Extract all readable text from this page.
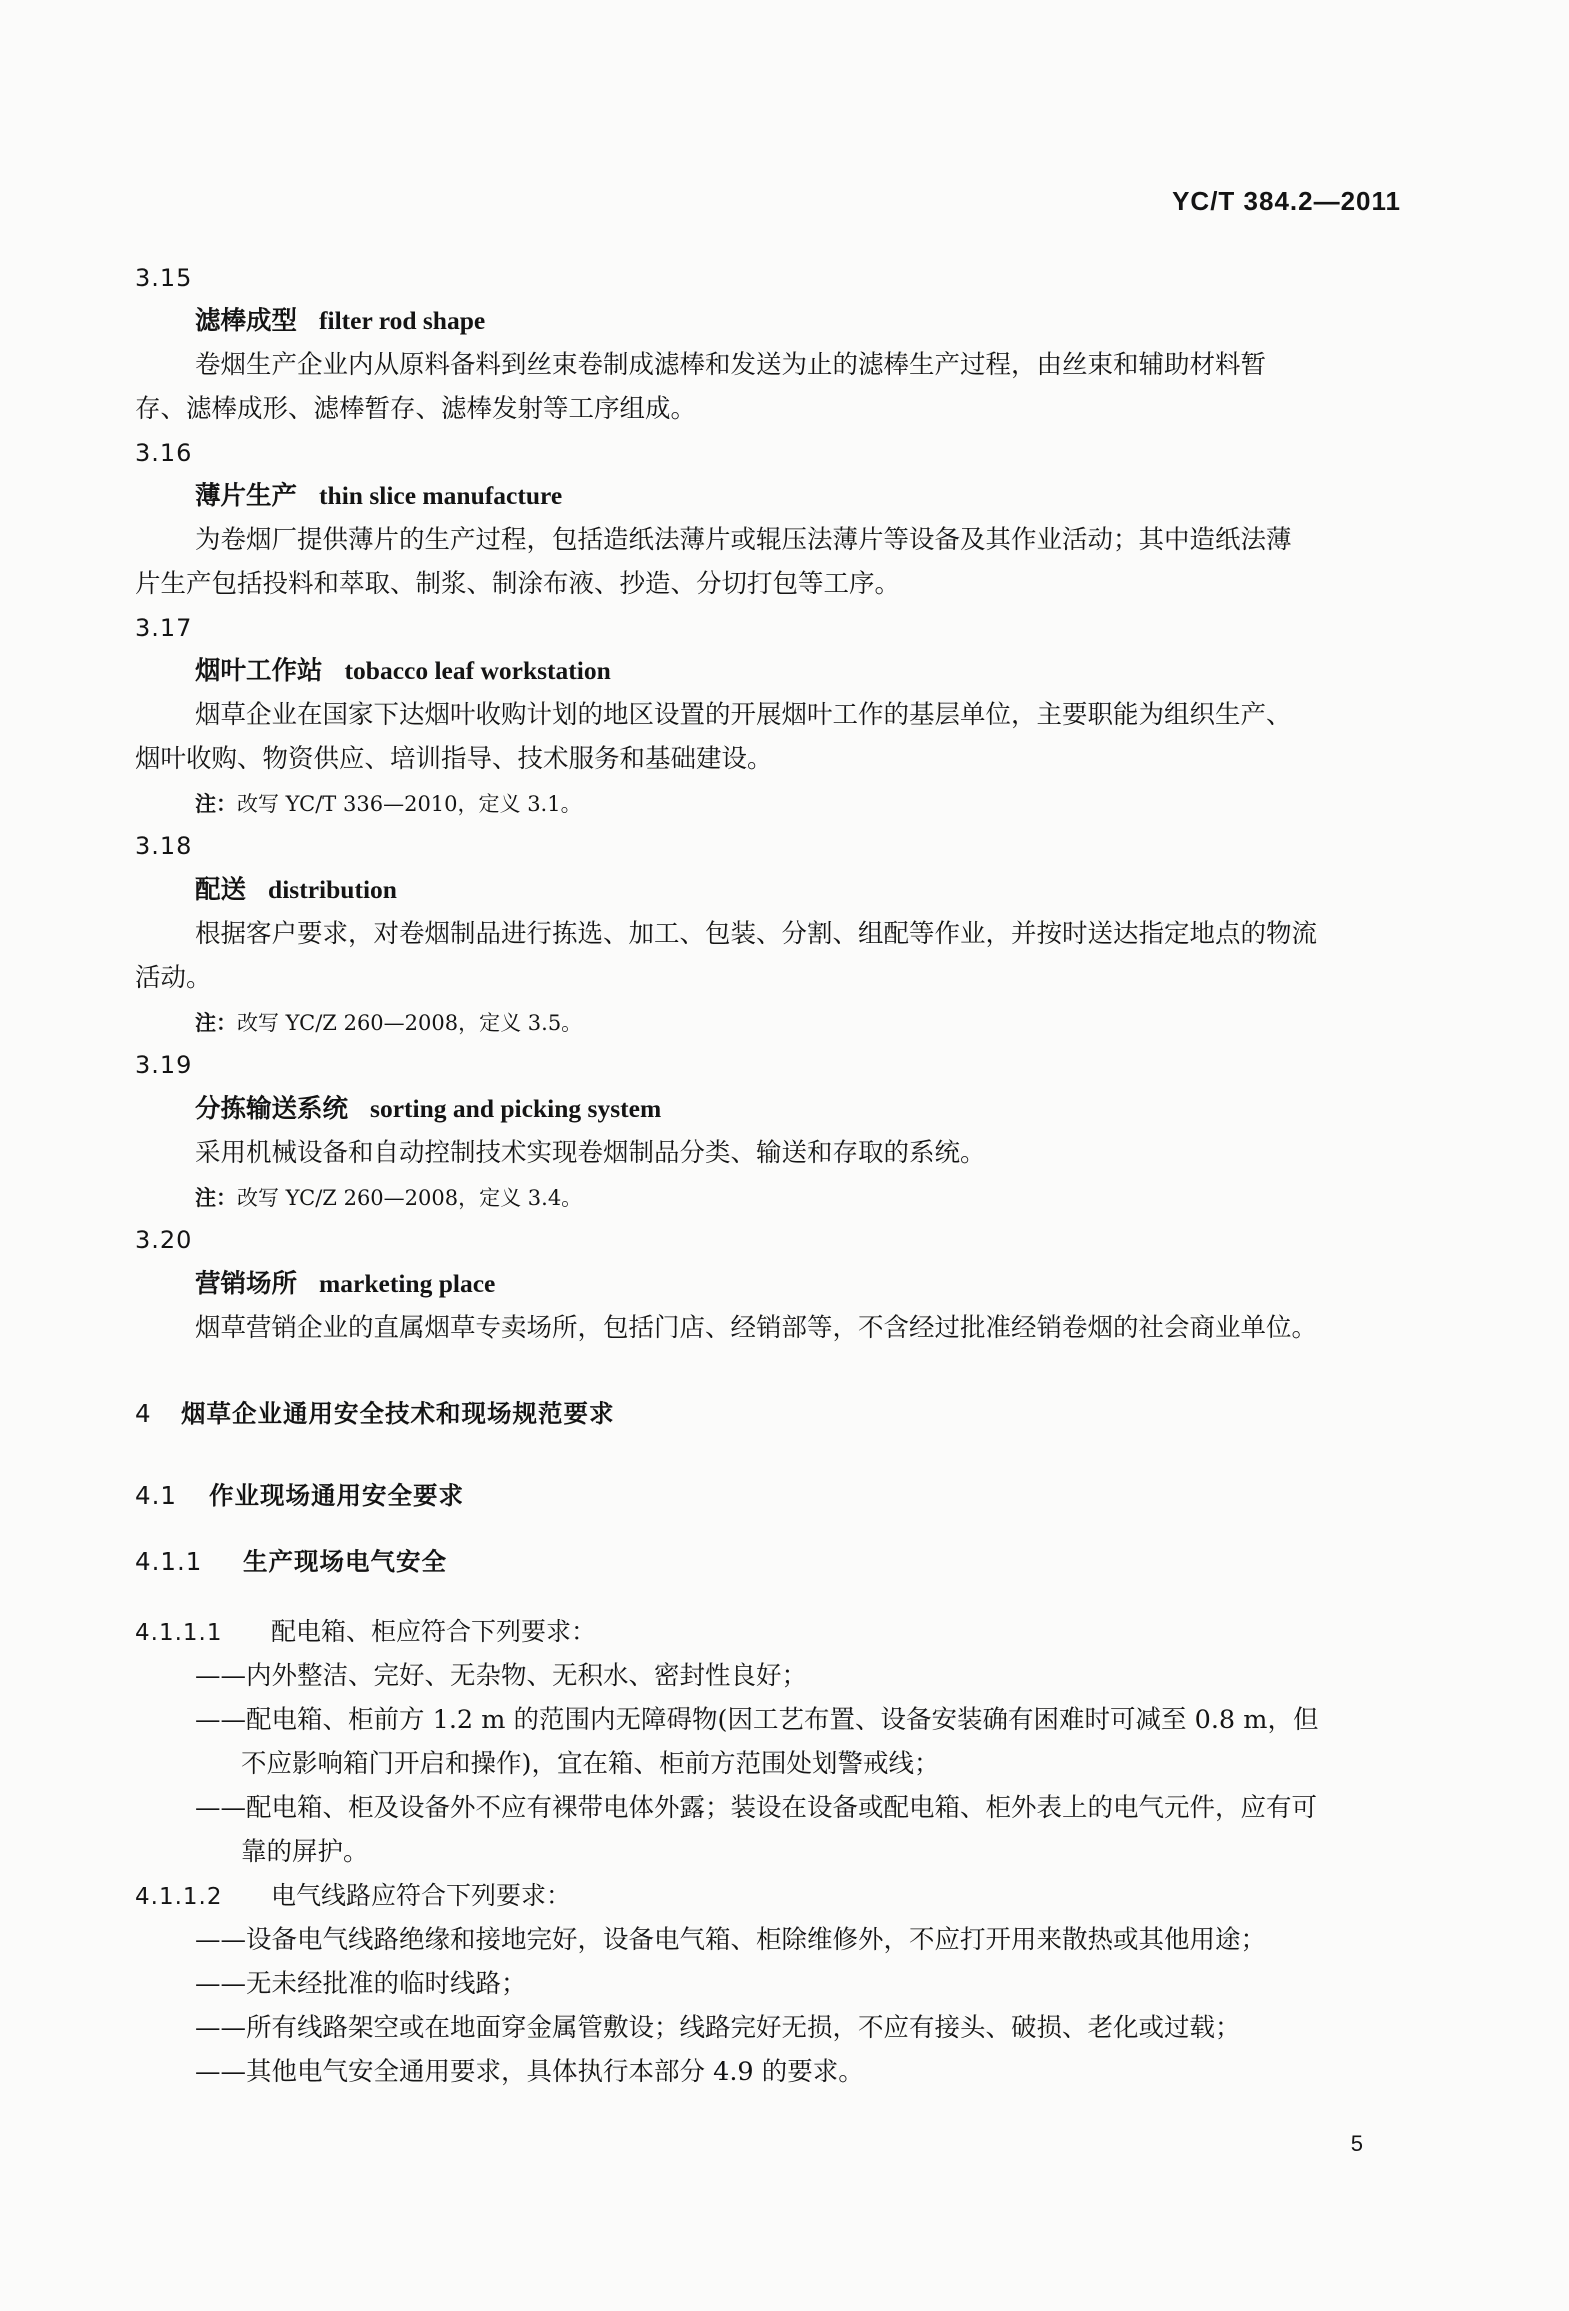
YC/T 384.2—2011
3.15
滤棒成型 filter rod shape
卷烟生产企业内从原料备料到丝束卷制成滤棒和发送为止的滤棒生产过程，由丝束和辅助材料暂
存、滤棒成形、滤棒暂存、滤棒发射等工序组成。
3.16
薄片生产 thin slice manufacture
为卷烟厂提供薄片的生产过程，包括造纸法薄片或辊压法薄片等设备及其作业活动；其中造纸法薄
片生产包括投料和萃取、制浆、制涂布液、抄造、分切打包等工序。
3.17
烟叶工作站 tobacco leaf workstation
烟草企业在国家下达烟叶收购计划的地区设置的开展烟叶工作的基层单位，主要职能为组织生产、
烟叶收购、物资供应、培训指导、技术服务和基础建设。
注：改写 YC/T 336—2010，定义 3.1。
3.18
配送 distribution
根据客户要求，对卷烟制品进行拣选、加工、包装、分割、组配等作业，并按时送达指定地点的物流
活动。
注：改写 YC/Z 260—2008，定义 3.5。
3.19
分拣输送系统 sorting and picking system
采用机械设备和自动控制技术实现卷烟制品分类、输送和存取的系统。
注：改写 YC/Z 260—2008，定义 3.4。
3.20
营销场所 marketing place
烟草营销企业的直属烟草专卖场所，包括门店、经销部等，不含经过批准经销卷烟的社会商业单位。
4 烟草企业通用安全技术和现场规范要求
4.1 作业现场通用安全要求
4.1.1 生产现场电气安全
4.1.1.1 配电箱、柜应符合下列要求：
——内外整洁、完好、无杂物、无积水、密封性良好；
——配电箱、柜前方 1.2 m 的范围内无障碍物(因工艺布置、设备安装确有困难时可减至 0.8 m，但
不应影响箱门开启和操作)，宜在箱、柜前方范围处划警戒线；
——配电箱、柜及设备外不应有裸带电体外露；装设在设备或配电箱、柜外表上的电气元件，应有可
靠的屏护。
4.1.1.2 电气线路应符合下列要求：
——设备电气线路绝缘和接地完好，设备电气箱、柜除维修外，不应打开用来散热或其他用途；
——无未经批准的临时线路；
——所有线路架空或在地面穿金属管敷设；线路完好无损，不应有接头、破损、老化或过载；
——其他电气安全通用要求，具体执行本部分 4.9 的要求。
5
